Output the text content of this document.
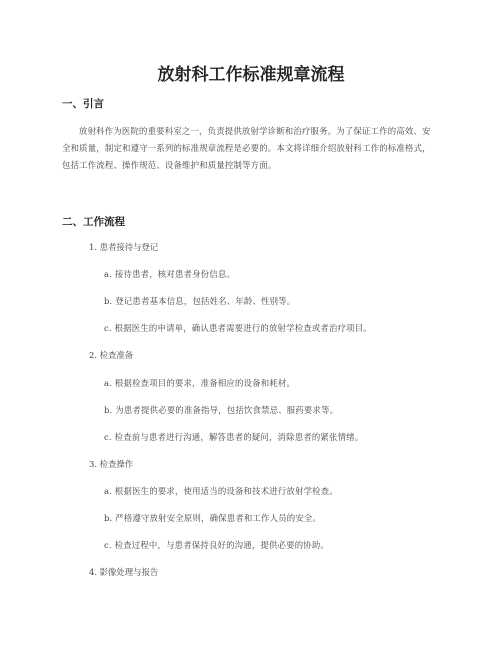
放射科工作标准规章流程
一、引言
放射科作为医院的重要科室之一，负责提供放射学诊断和治疗服务。为了保证工作的高效、安全和质量，制定和遵守一系列的标准规章流程是必要的。本文将详细介绍放射科工作的标准格式，包括工作流程、操作规范、设备维护和质量控制等方面。
二、工作流程
1. 患者接待与登记
a. 接待患者，核对患者身份信息。
b. 登记患者基本信息，包括姓名、年龄、性别等。
c. 根据医生的申请单，确认患者需要进行的放射学检查或者治疗项目。
2. 检查准备
a. 根据检查项目的要求，准备相应的设备和耗材。
b. 为患者提供必要的准备指导，包括饮食禁忌、服药要求等。
c. 检查前与患者进行沟通，解答患者的疑问，消除患者的紧张情绪。
3. 检查操作
a. 根据医生的要求，使用适当的设备和技术进行放射学检查。
b. 严格遵守放射安全原则，确保患者和工作人员的安全。
c. 检查过程中，与患者保持良好的沟通，提供必要的协助。
4. 影像处理与报告
